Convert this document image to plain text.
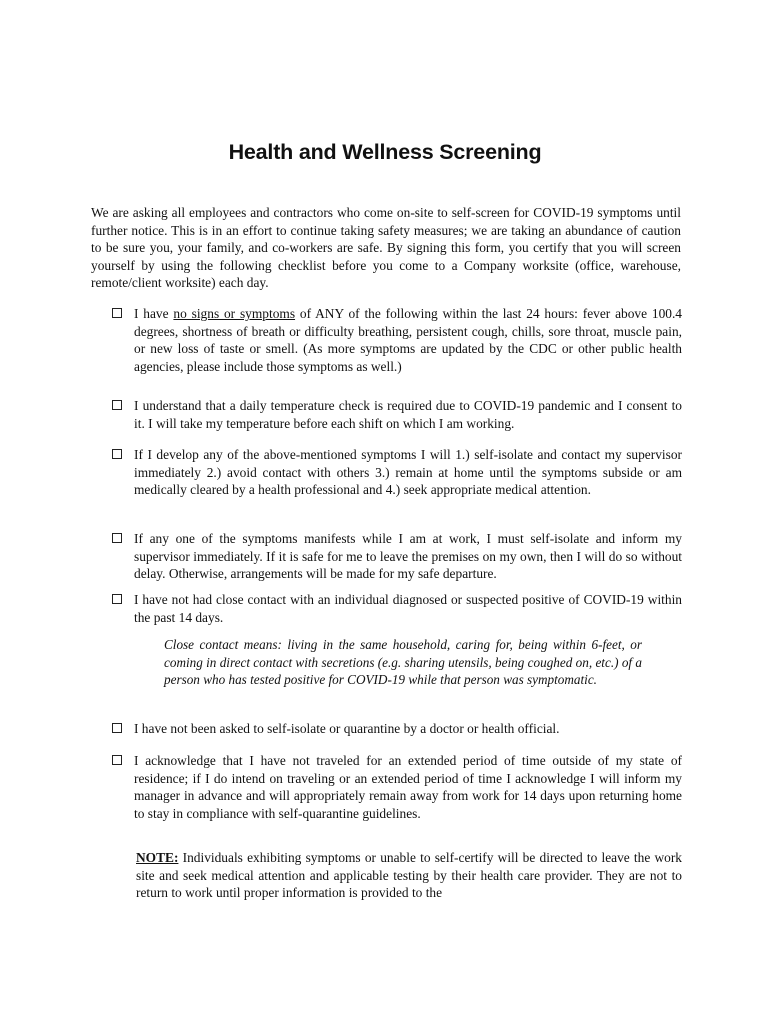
Health and Wellness Screening
We are asking all employees and contractors who come on-site to self-screen for COVID-19 symptoms until further notice. This is in an effort to continue taking safety measures; we are taking an abundance of caution to be sure you, your family, and co-workers are safe. By signing this form, you certify that you will screen yourself by using the following checklist before you come to a Company worksite (office, warehouse, remote/client worksite) each day.
I have no signs or symptoms of ANY of the following within the last 24 hours: fever above 100.4 degrees, shortness of breath or difficulty breathing, persistent cough, chills, sore throat, muscle pain, or new loss of taste or smell. (As more symptoms are updated by the CDC or other public health agencies, please include those symptoms as well.)
I understand that a daily temperature check is required due to COVID-19 pandemic and I consent to it. I will take my temperature before each shift on which I am working.
If I develop any of the above-mentioned symptoms I will 1.) self-isolate and contact my supervisor immediately 2.) avoid contact with others 3.) remain at home until the symptoms subside or am medically cleared by a health professional and 4.) seek appropriate medical attention.
If any one of the symptoms manifests while I am at work, I must self-isolate and inform my supervisor immediately. If it is safe for me to leave the premises on my own, then I will do so without delay. Otherwise, arrangements will be made for my safe departure.
I have not had close contact with an individual diagnosed or suspected positive of COVID-19 within the past 14 days.
Close contact means: living in the same household, caring for, being within 6-feet, or coming in direct contact with secretions (e.g. sharing utensils, being coughed on, etc.) of a person who has tested positive for COVID-19 while that person was symptomatic.
I have not been asked to self-isolate or quarantine by a doctor or health official.
I acknowledge that I have not traveled for an extended period of time outside of my state of residence; if I do intend on traveling or an extended period of time I acknowledge I will inform my manager in advance and will appropriately remain away from work for 14 days upon returning home to stay in compliance with self-quarantine guidelines.
NOTE: Individuals exhibiting symptoms or unable to self-certify will be directed to leave the work site and seek medical attention and applicable testing by their health care provider. They are not to return to work until proper information is provided to the
